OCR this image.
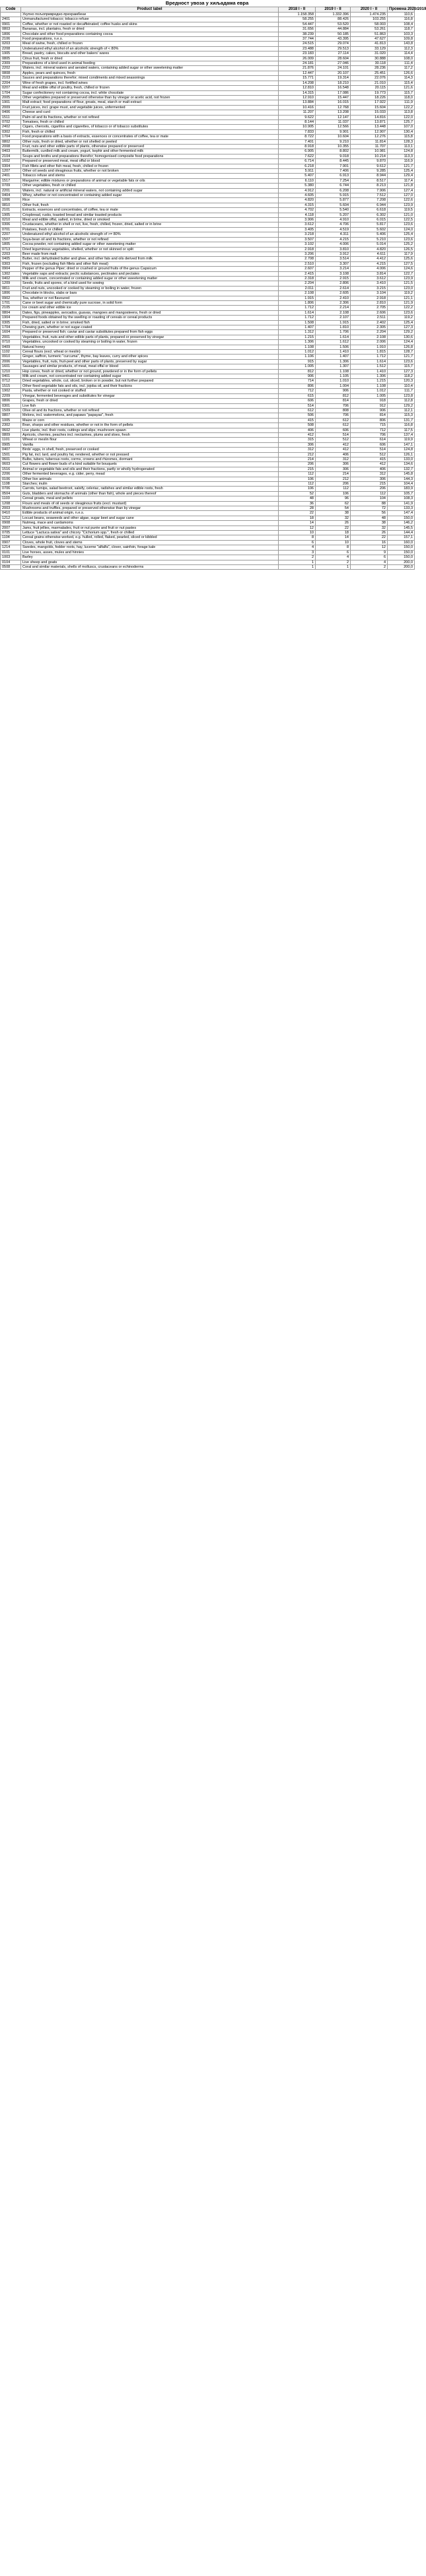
Вредност увоза у хиљадама евра
Code	Product label	2018 I - II	2019 I - II	2020 I - II	Промена 2020/2019
	Укупно пољопривредно-прехрамбени	1.158.358	1.332.396	1.474.235	110,6
2401	Unmanufactured tobacco; tobacco refuse	58.255	88.426	103.255	116,8
0901	Coffee, whether or not roasted or decaffeinated; coffee husks and skins	54.447	53.520	58.003	108,4
0803	Bananas, incl. plantains, fresh or dried	31.656	44.884	53.261	118,7
1806	Chocolate and other food preparations containing cocoa	38.239	50.185	51.863	103,3
2106	Food preparations, n.e.s.	37.744	43.395	47.627	109,8
0203	Meat of swine, fresh, chilled or frozen	24.515	29.074	41.813	143,8
2208	Undenatured ethyl alcohol of an alcoholic strength of < 80%	23.488	29.513	33.129	112,3
1905	Bread, pastry, cakes, biscuits and other bakers' wares	23.183	27.114	31.020	114,4
0805	Citrus fruit, fresh or dried	26.009	28.604	30.888	108,0
2309	Preparations of a kind used in animal feeding	24.181	27.046	30.118	111,4
2202	Waters, incl. mineral waters and aerated waters, containing added sugar or other sweetening matter	21.876	24.101	28.236	117,2
0808	Apples, pears and quinces, fresh	12.447	20.107	25.451	126,6
2103	Sauces and preparations therefor; mixed condiments and mixed seasonings	15.771	19.314	22.076	114,3
2204	Wine of fresh grapes, incl. fortified wines	14.208	18.210	21.010	115,4
0207	Meat and edible offal of poultry, fresh, chilled or frozen	12.810	16.548	20.115	121,6
1704	Sugar confectionery not containing cocoa, incl. white chocolate	14.315	17.086	19.773	115,7
2005	Other vegetables prepared or preserved otherwise than by vinegar or acetic acid, not frozen	12.910	15.447	18.226	118,0
1901	Malt extract; food preparations of flour, groats, meal, starch or malt extract	13.884	16.015	17.922	111,9
2009	Fruit juices, incl. grape must, and vegetable juices, unfermented	10.416	12.768	15.604	122,2
0406	Cheese and curd	11.207	13.208	15.033	113,8
1511	Palm oil and its fractions, whether or not refined	9.622	12.147	14.816	122,0
0702	Tomatoes, fresh or chilled	8.144	11.037	13.871	125,7
2402	Cigars, cheroots, cigarillos and cigarettes, of tobacco or of tobacco substitutes	10.905	12.566	13.448	107,0
0302	Fish, fresh or chilled	7.833	9.901	12.907	130,4
1704	Food preparations with a basis of extracts, essences or concentrates of coffee, tea or mate	8.722	10.604	12.276	115,8
0802	Other nuts, fresh or dried, whether or not shelled or peeled	7.401	9.210	11.814	128,3
2008	Fruit, nuts and other edible parts of plants, otherwise prepared or preserved	8.918	10.355	11.707	113,1
0403	Buttermilk, curdled milk and cream, yogurt, kephir and other fermented milk	6.905	8.802	10.981	124,8
2104	Soups and broths and preparations therefor; homogenised composite food preparations	7.622	9.018	10.214	113,3
1602	Prepared or preserved meat, meat offal or blood	6.714	8.445	9.870	116,9
0304	Fish fillets and other fish meat, fresh, chilled or frozen	6.218	7.901	9.612	121,7
1207	Other oil seeds and oleaginous fruits, whether or not broken	5.911	7.406	9.285	125,4
2401	Tobacco refuse and stems	5.407	6.913	8.944	129,4
1517	Margarine; edible mixtures or preparations of animal or vegetable fats or oils	6.110	7.254	8.517	117,4
0709	Other vegetables, fresh or chilled	5.380	6.744	8.213	121,8
2201	Waters, incl. natural or artificial mineral waters, not containing added sugar	4.912	6.208	7.906	127,4
0404	Whey, whether or not concentrated or containing added sugar	4.605	5.915	7.512	127,0
1006	Rice	4.820	5.877	7.208	122,6
0810	Other fruit, fresh	4.315	5.604	6.944	123,9
2101	Extracts, essences and concentrates, of coffee, tea or mate	4.702	5.540	6.618	119,5
1905	Crispbread, rusks, toasted bread and similar toasted products	4.118	5.207	6.302	121,0
0210	Meat and edible offal, salted, in brine, dried or smoked	3.906	4.910	6.015	122,5
0306	Crustaceans, whether in shell or not, live, fresh, chilled, frozen, dried, salted or in brine	3.612	4.706	5.817	123,6
0701	Potatoes, fresh or chilled	3.405	4.519	5.602	124,0
2207	Undenatured ethyl alcohol of an alcoholic strength of >= 80%	3.218	4.311	5.406	125,4
1507	Soya-bean oil and its fractions, whether or not refined	3.507	4.215	5.210	123,6
1805	Cocoa powder, not containing added sugar or other sweetening matter	3.102	4.006	5.014	125,2
0713	Dried leguminous vegetables, shelled, whether or not skinned or split	2.918	3.810	4.820	126,5
2203	Beer made from malt	3.206	3.912	4.611	117,9
0405	Butter, incl. dehydrated butter and ghee, and other fats and oils derived from milk	2.708	3.514	4.412	125,6
0303	Fish, frozen (excluding fish fillets and other fish meat)	2.510	3.307	4.215	127,5
0904	Pepper of the genus Piper; dried or crushed or ground fruits of the genus Capsicum	2.607	3.214	4.006	124,6
1302	Vegetable saps and extracts; pectic substances, pectinates and pectates	2.415	3.108	3.814	122,7
0402	Milk and cream, concentrated or containing added sugar or other sweetening matter	2.318	2.915	3.612	123,9
1209	Seeds, fruits and spores, of a kind used for sowing	2.204	2.806	3.410	121,5
0811	Fruit and nuts, uncooked or cooked by steaming or boiling in water, frozen	2.011	2.614	3.215	123,0
1806	Chocolate in blocks, slabs or bars	2.108	2.605	3.104	119,2
0902	Tea, whether or not flavoured	1.915	2.410	2.918	121,1
1701	Cane or beet sugar and chemically pure sucrose, in solid form	1.806	2.306	2.810	121,9
2105	Ice cream and other edible ice	1.712	2.214	2.705	122,2
0804	Dates, figs, pineapples, avocados, guavas, mangoes and mangosteens, fresh or dried	1.614	2.108	2.606	123,6
1904	Prepared foods obtained by the swelling or roasting of cereals or cereal products	1.712	2.107	2.511	119,2
0305	Fish, dried, salted or in brine; smoked fish	1.508	1.915	2.402	125,4
1704	Chewing gum, whether or not sugar-coated	1.407	1.810	2.305	127,3
1604	Prepared or preserved fish; caviar and caviar substitutes prepared from fish eggs	1.312	1.706	2.204	129,2
2001	Vegetables, fruit, nuts and other edible parts of plants, prepared or preserved by vinegar	1.215	1.614	2.108	130,6
0710	Vegetables, uncooked or cooked by steaming or boiling in water, frozen	1.306	1.612	2.006	124,4
0409	Natural honey	1.108	1.506	1.910	126,8
1102	Cereal flours (excl. wheat or meslin)	1.012	1.410	1.815	128,7
0910	Ginger, saffron, turmeric "curcuma", thyme, bay leaves, curry and other spices	1.106	1.407	1.712	121,7
2006	Vegetables, fruit, nuts, fruit-peel and other parts of plants, preserved by sugar	915	1.306	1.614	123,6
1601	Sausages and similar products, of meat, meat offal or blood	1.005	1.307	1.512	115,7
1210	Hop cones, fresh or dried, whether or not ground, powdered or in the form of pellets	812	1.108	1.410	127,3
0401	Milk and cream, not concentrated nor containing added sugar	906	1.105	1.306	118,2
0712	Dried vegetables, whole, cut, sliced, broken or in powder, but not further prepared	714	1.010	1.215	120,3
1515	Other fixed vegetable fats and oils, incl. jojoba oil, and their fractions	806	1.004	1.108	110,4
1902	Pasta, whether or not cooked or stuffed	712	906	1.012	111,7
2209	Vinegar, fermented beverages and substitutes for vinegar	615	812	1.005	123,8
0806	Grapes, fresh or dried	606	814	918	112,8
0301	Live fish	514	706	912	129,2
1509	Olive oil and its fractions, whether or not refined	612	808	906	112,1
0807	Melons, incl. watermelons, and papaws "papayas", fresh	506	706	814	115,3
1005	Maize or corn	415	612	806	131,7
2302	Bran, sharps and other residues, whether or not in the form of pellets	508	612	715	116,8
0602	Live plants, incl. their roots, cuttings and slips; mushroom spawn	406	606	712	117,5
0809	Apricots, cherries, peaches incl. nectarines, plums and sloes, fresh	412	514	706	137,4
1101	Wheat or meslin flour	315	512	614	119,9
0905	Vanilla	306	412	606	147,1
0407	Birds' eggs, in shell, fresh, preserved or cooked	312	412	514	124,8
1501	Pig fat, incl. lard, and poultry fat, rendered, whether or not pressed	212	406	512	126,1
0601	Bulbs, tubers, tuberous roots, corms, crowns and rhizomes, dormant	214	312	415	133,0
0603	Cut flowers and flower buds of a kind suitable for bouquets	206	306	412	134,6
1516	Animal or vegetable fats and oils and their fractions, partly or wholly hydrogenated	215	306	406	132,7
2206	Other fermented beverages, e.g. cider, perry, mead	112	214	312	145,8
0106	Other live animals	106	212	306	144,3
1108	Starches; inulin	112	206	215	104,4
0706	Carrots, turnips, salad beetroot, salsify, celeriac, radishes and similar edible roots, fresh	106	112	206	183,9
0504	Guts, bladders and stomachs of animals (other than fish), whole and pieces thereof	52	106	112	105,7
1103	Cereal groats, meal and pellets	48	96	104	108,3
1208	Flours and meals of oil seeds or oleaginous fruits (excl. mustard)	36	62	88	141,9
2003	Mushrooms and truffles, prepared or preserved otherwise than by vinegar	28	54	72	133,3
0410	Edible products of animal origin, n.e.s.	22	38	56	147,4
1212	Locust beans, seaweeds and other algae, sugar beet and sugar cane	18	32	48	150,0
0908	Nutmeg, mace and cardamoms	14	26	38	146,2
2007	Jams, fruit jellies, marmalades, fruit or nut purée and fruit or nut pastes	12	22	32	145,5
0705	Lettuce "Lactuca sativa" and chicory "Cichorium spp.", fresh or chilled	10	18	26	144,4
1104	Cereal grains otherwise worked, e.g. hulled, rolled, flaked, pearled, sliced or kibbled	8	14	22	157,1
0907	Cloves, whole fruit, cloves and stems	6	10	16	160,0
1214	Swedes, mangolds, fodder roots, hay, lucerne "alfalfa", clover, sainfoin, forage kale	4	8	12	150,0
0101	Live horses, asses, mules and hinnies	3	6	9	150,0
1003	Barley	2	4	6	150,0
0104	Live sheep and goats	1	2	4	200,0
0508	Coral and similar materials, shells of molluscs, crustaceans or echinoderms	1	1	2	200,0
